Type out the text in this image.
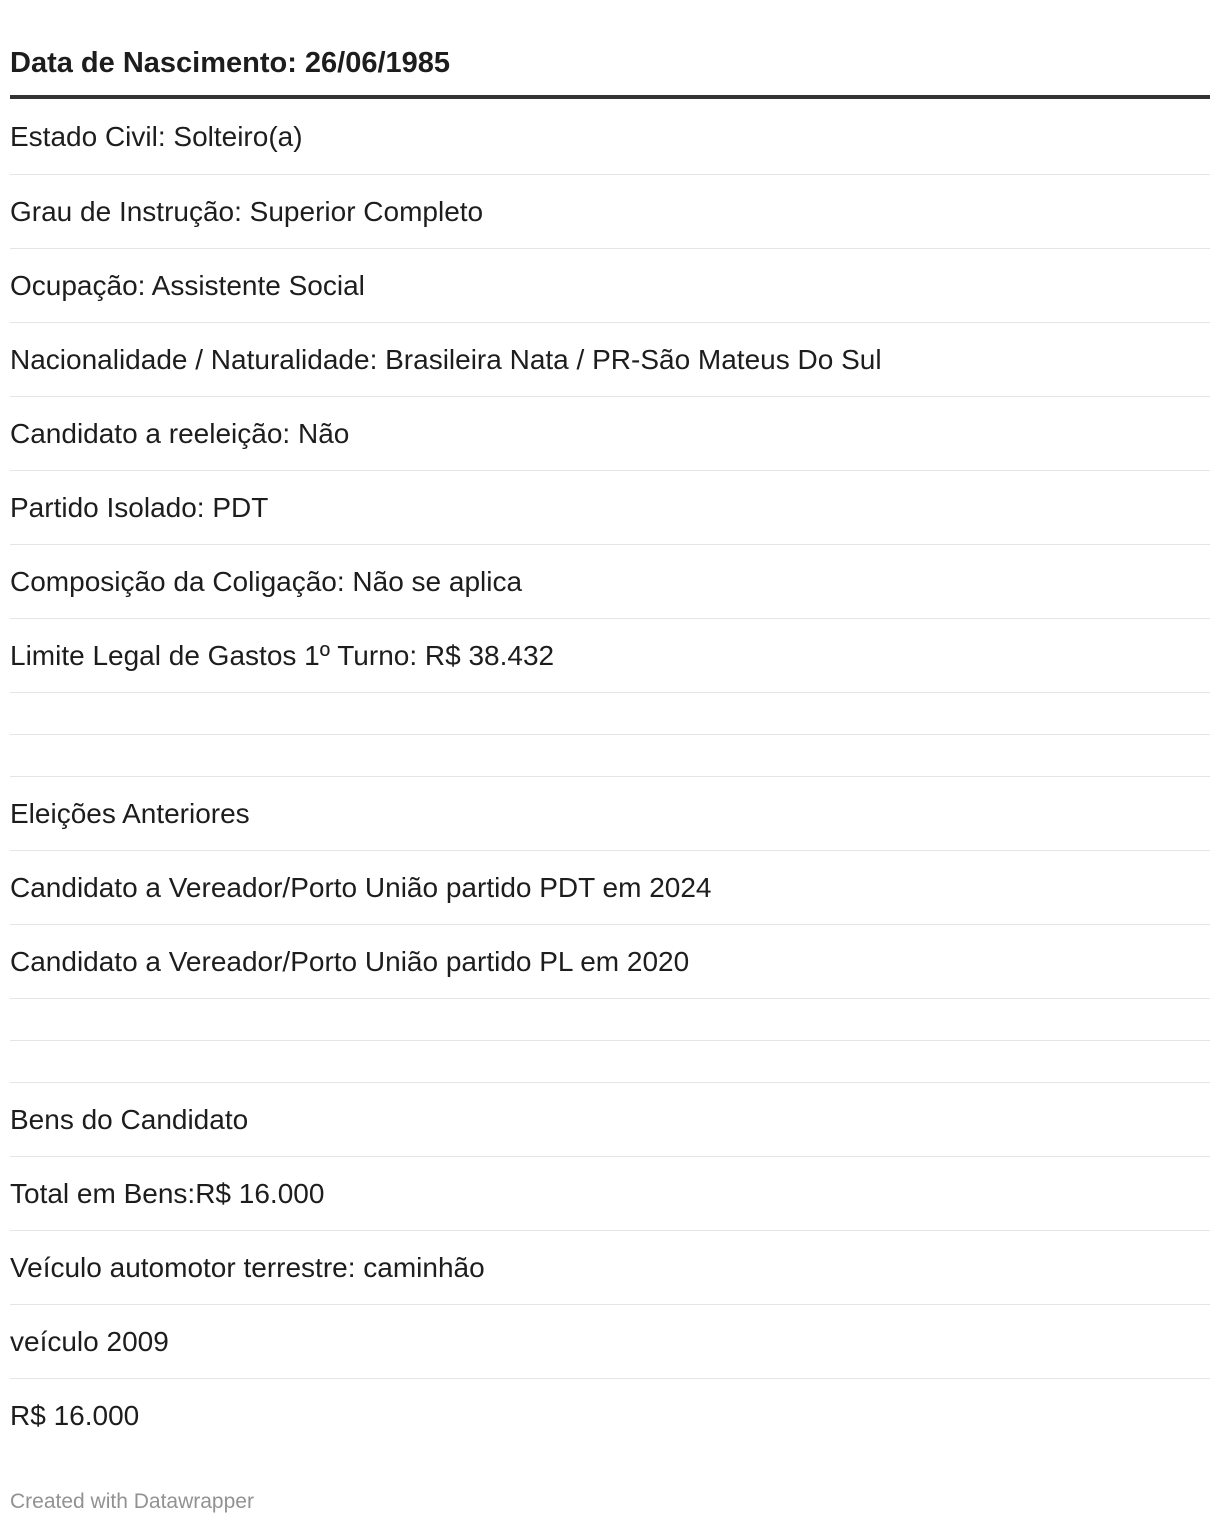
Data de Nascimento: 26/06/1985
Estado Civil: Solteiro(a)
Grau de Instrução: Superior Completo
Ocupação: Assistente Social
Nacionalidade / Naturalidade: Brasileira Nata / PR-São Mateus Do Sul
Candidato a reeleição: Não
Partido Isolado: PDT
Composição da Coligação: Não se aplica
Limite Legal de Gastos 1º Turno: R$ 38.432
Eleições Anteriores
Candidato a Vereador/Porto União partido PDT em 2024
Candidato a Vereador/Porto União partido PL em 2020
Bens do Candidato
Total em Bens:R$ 16.000
Veículo automotor terrestre: caminhão
veículo 2009
R$ 16.000
Created with Datawrapper
